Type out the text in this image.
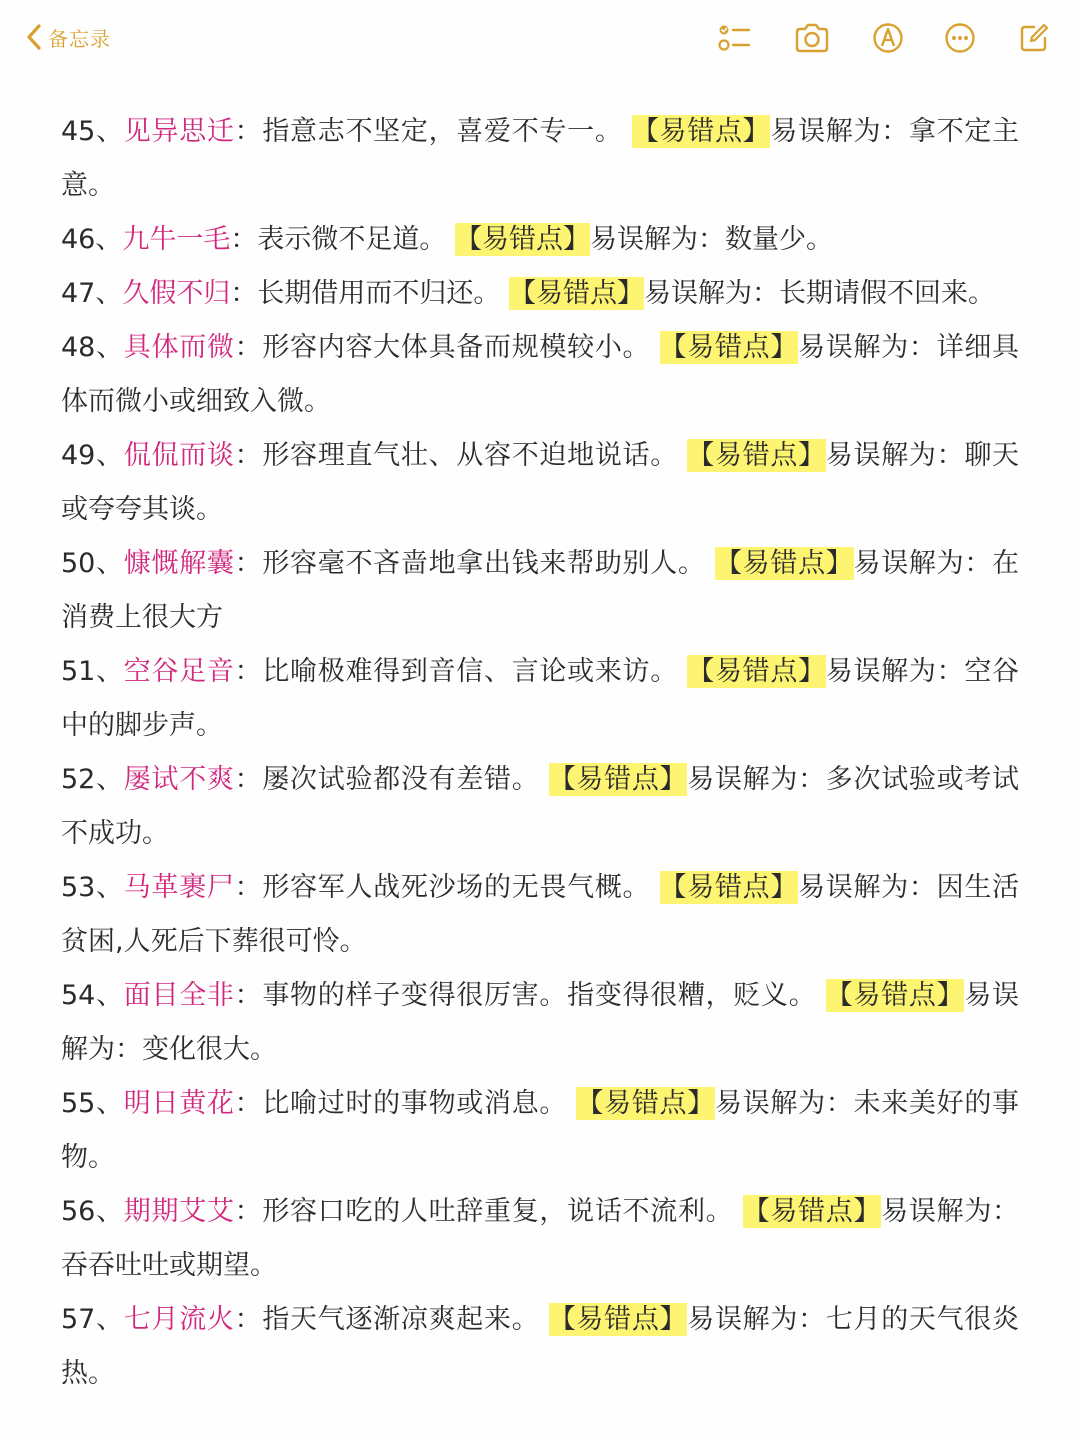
备忘录
45、见异思迁：指意志不坚定，喜爱不专一。 【易错点】易误解为：拿不定主意。
46、九牛一毛：表示微不足道。 【易错点】易误解为：数量少。
47、久假不归：长期借用而不归还。 【易错点】易误解为：长期请假不回来。
48、具体而微：形容内容大体具备而规模较小。 【易错点】易误解为：详细具体而微小或细致入微。
49、侃侃而谈：形容理直气壮、从容不迫地说话。 【易错点】易误解为：聊天或夸夸其谈。
50、慷慨解囊：形容毫不吝啬地拿出钱来帮助别人。 【易错点】易误解为：在消费上很大方
51、空谷足音：比喻极难得到音信、言论或来访。 【易错点】易误解为：空谷中的脚步声。
52、屡试不爽：屡次试验都没有差错。 【易错点】易误解为：多次试验或考试不成功。
53、马革裹尸：形容军人战死沙场的无畏气概。 【易错点】易误解为：因生活贫困,人死后下葬很可怜。
54、面目全非：事物的样子变得很厉害。指变得很糟，贬义。 【易错点】易误解为：变化很大。
55、明日黄花：比喻过时的事物或消息。 【易错点】易误解为：未来美好的事物。
56、期期艾艾：形容口吃的人吐辞重复，说话不流利。 【易错点】易误解为：吞吞吐吐或期望。
57、七月流火：指天气逐渐凉爽起来。 【易错点】易误解为：七月的天气很炎热。
